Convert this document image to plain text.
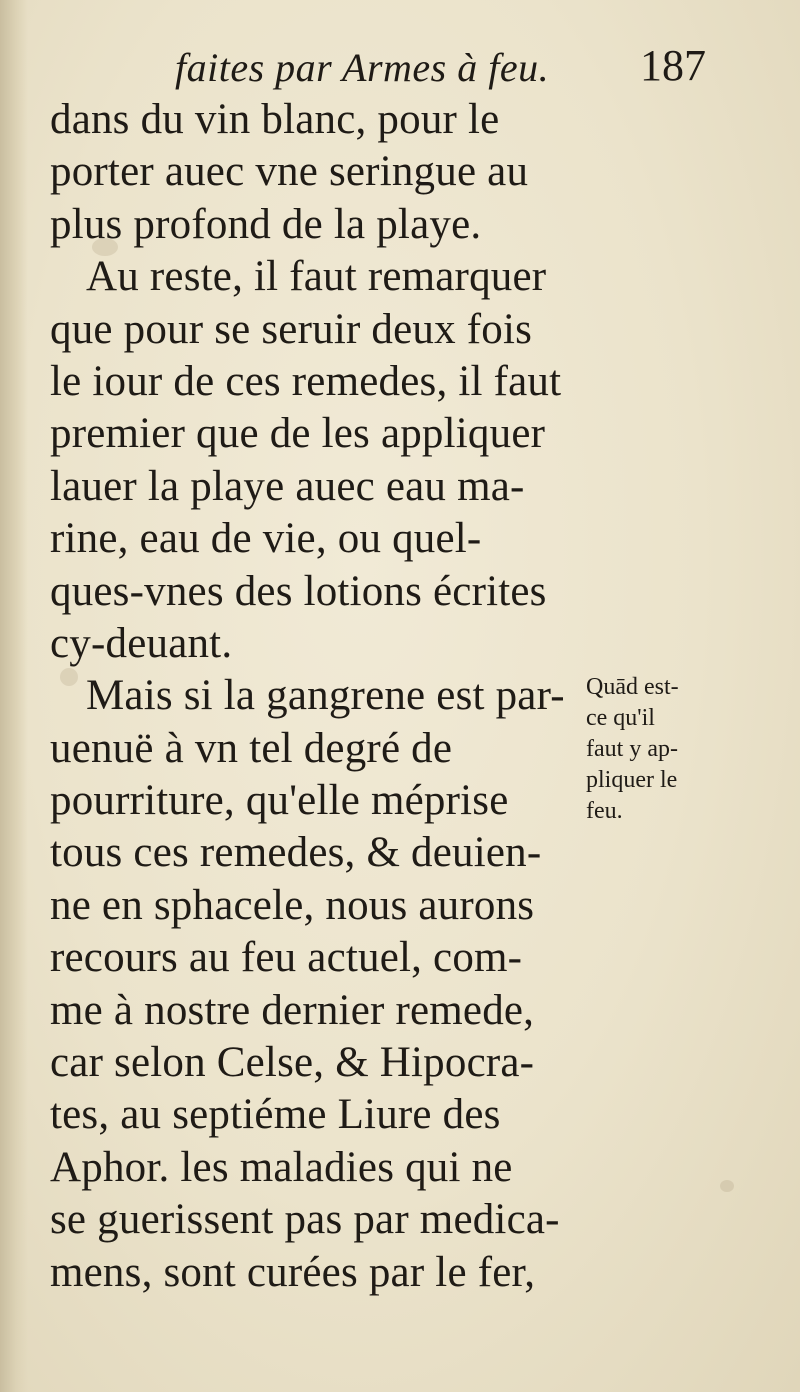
faites par Armes à feu. 187
dans du vin blanc, pour le
porter auec vne seringue au
plus profond de la playe.
Au reste, il faut remarquer
que pour se seruir deux fois
le iour de ces remedes, il faut
premier que de les appliquer
lauer la playe auec eau ma-
rine, eau de vie, ou quel-
ques-vnes des lotions écrites
cy-deuant.
Mais si la gangrene est par-
uenuë à vn tel degré de
pourriture, qu'elle méprise
tous ces remedes, & deuien-
ne en sphacele, nous aurons
recours au feu actuel, com-
me à nostre dernier remede,
car selon Celse, & Hipocra-
tes, au septiéme Liure des
Aphor. les maladies qui ne
se guerissent pas par medica-
mens, sont curées par le fer,
Quād est-
ce qu'il
faut y ap-
pliquer le
feu.
